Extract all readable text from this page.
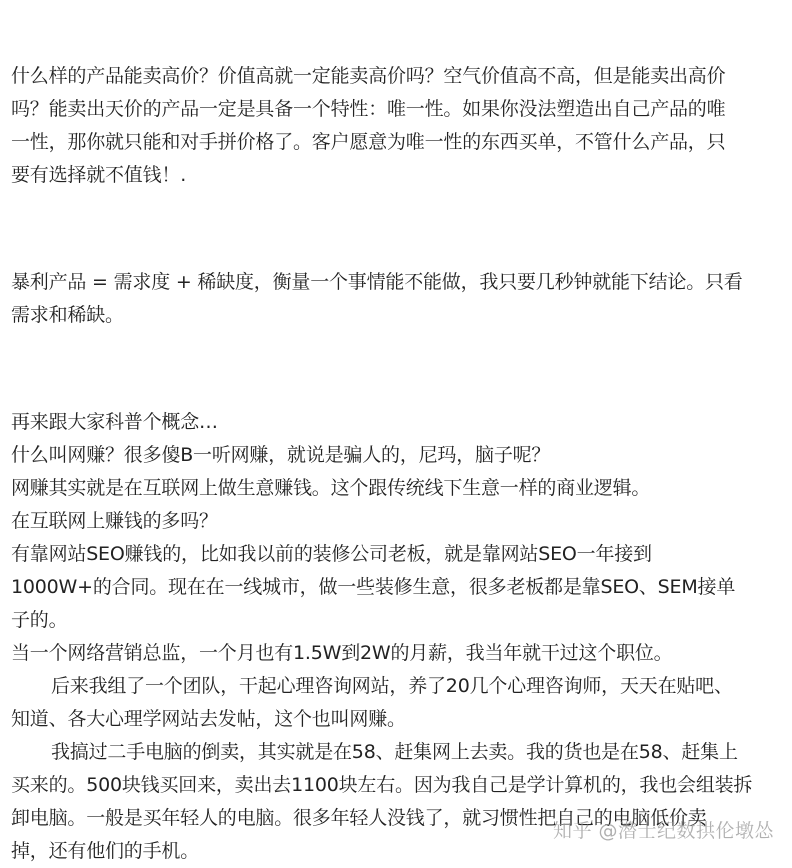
什么样的产品能卖高价？价值高就一定能卖高价吗？空气价值高不高，但是能卖出高价

吗？能卖出天价的产品一定是具备一个特性：唯一性。如果你没法塑造出自己产品的唯

一性，那你就只能和对手拼价格了。客户愿意为唯一性的东西买单，不管什么产品，只

要有选择就不值钱！.

暴利产品 = 需求度 + 稀缺度，衡量一个事情能不能做，我只要几秒钟就能下结论。只看

需求和稀缺。

再来跟大家科普个概念…

什么叫网赚？很多傻B一听网赚，就说是骗人的，尼玛，脑子呢？

网赚其实就是在互联网上做生意赚钱。这个跟传统线下生意一样的商业逻辑。

在互联网上赚钱的多吗？

有靠网站SEO赚钱的，比如我以前的装修公司老板，就是靠网站SEO一年接到

1000W+的合同。现在在一线城市，做一些装修生意，很多老板都是靠SEO、SEM接单

子的。

当一个网络营销总监，一个月也有1.5W到2W的月薪，我当年就干过这个职位。

后来我组了一个团队，干起心理咨询网站，养了20几个心理咨询师，天天在贴吧、

知道、各大心理学网站去发帖，这个也叫网赚。

我搞过二手电脑的倒卖，其实就是在58、赶集网上去卖。我的货也是在58、赶集上

买来的。500块钱买回来，卖出去1100块左右。因为我自己是学计算机的，我也会组装拆

卸电脑。一般是买年轻人的电脑。很多年轻人没钱了，就习惯性把自己的电脑低价卖

掉，还有他们的手机。

知乎 @潜士纪数拱伦墩怂
